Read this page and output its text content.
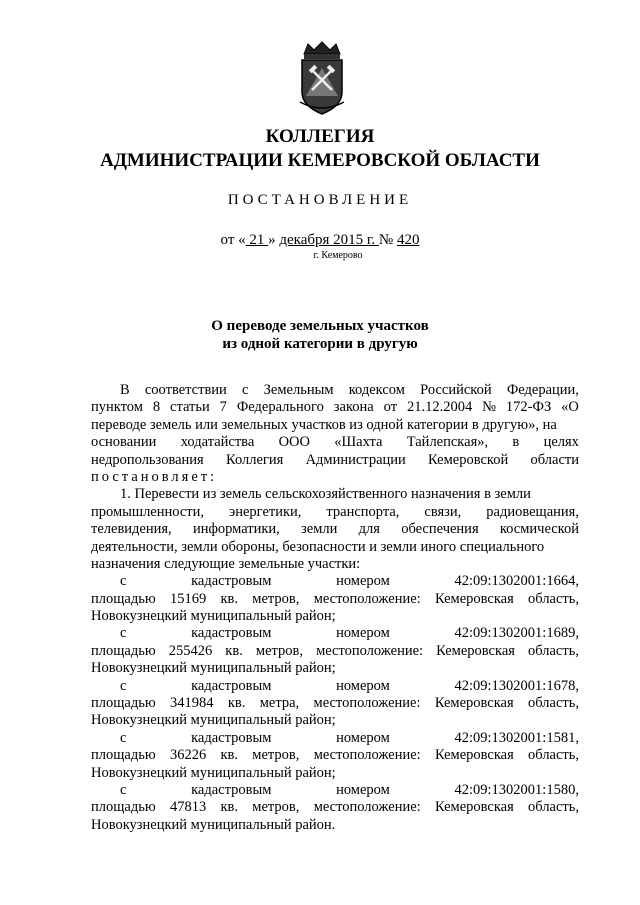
КОЛЛЕГИЯ
АДМИНИСТРАЦИИ КЕМЕРОВСКОЙ ОБЛАСТИ
ПОСТАНОВЛЕНИЕ
от « 21 » декабря 2015 г. № 420
г. Кемерово
О переводе земельных участков
из одной категории в другую
В соответствии с Земельным кодексом Российской Федерации,
пунктом 8 статьи 7 Федерального закона от 21.12.2004 № 172-ФЗ «О
переводе земель или земельных участков из одной категории в другую», на
основании ходатайства ООО «Шахта Тайлепская», в целях
недропользования Коллегия Администрации Кемеровской области
постановляет:
1. Перевести из земель сельскохозяйственного назначения в земли
промышленности, энергетики, транспорта, связи, радиовещания,
телевидения, информатики, земли для обеспечения космической
деятельности, земли обороны, безопасности и земли иного специального
назначения следующие земельные участки:
с	кадастровым	номером	42:09:1302001:1664,
площадью 15169 кв. метров, местоположение: Кемеровская область,
Новокузнецкий муниципальный район;
с	кадастровым	номером	42:09:1302001:1689,
площадью 255426 кв. метров, местоположение: Кемеровская область,
Новокузнецкий муниципальный район;
с	кадастровым	номером	42:09:1302001:1678,
площадью 341984 кв. метра, местоположение: Кемеровская область,
Новокузнецкий муниципальный район;
с	кадастровым	номером	42:09:1302001:1581,
площадью 36226 кв. метров, местоположение: Кемеровская область,
Новокузнецкий муниципальный район;
с	кадастровым	номером	42:09:1302001:1580,
площадью 47813 кв. метров, местоположение: Кемеровская область,
Новокузнецкий муниципальный район.
